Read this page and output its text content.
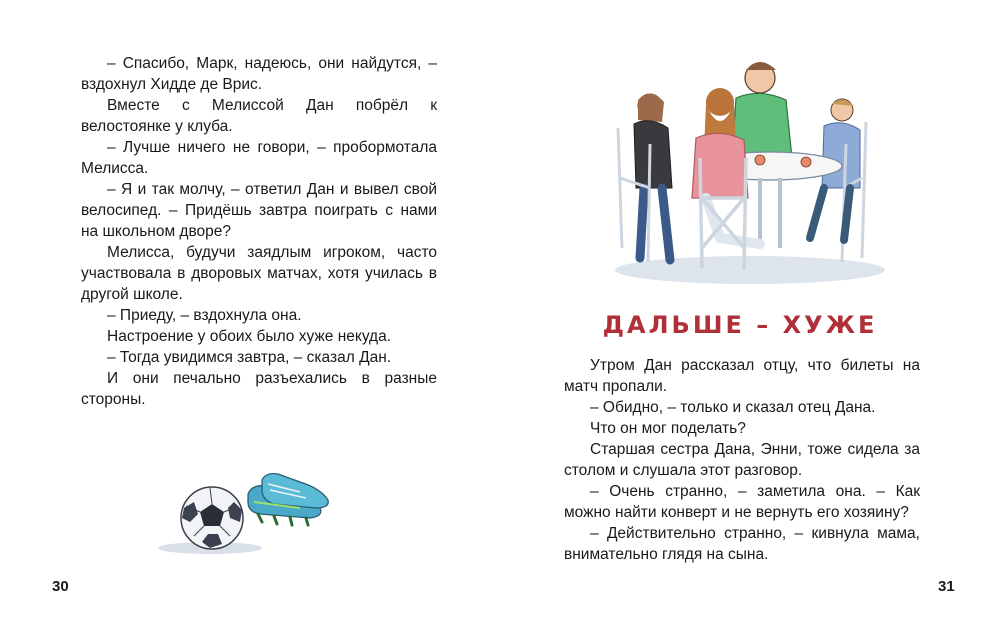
– Спасибо, Марк, надеюсь, они найдутся, – вздохнул Хидде де Врис.

Вместе с Мелиссой Дан побрёл к велостоянке у клуба.

– Лучше ничего не говори, – пробормотала Мелисса.

– Я и так молчу, – ответил Дан и вывел свой велосипед. – Придёшь завтра поиграть с нами на школьном дворе?

Мелисса, будучи заядлым игроком, часто участвовала в дворовых матчах, хотя училась в другой школе.

– Приеду, – вздохнула она.

Настроение у обоих было хуже некуда.

– Тогда увидимся завтра, – сказал Дан.

И они печально разъехались в разные стороны.

30
ДАЛЬШЕ – ХУЖЕ

Утром Дан рассказал отцу, что билеты на матч пропали.

– Обидно, – только и сказал отец Дана.

Что он мог поделать?

Старшая сестра Дана, Энни, тоже сидела за столом и слушала этот разговор.

– Очень странно, – заметила она. – Как можно найти конверт и не вернуть его хозяину?

– Действительно странно, – кивнула мама, внимательно глядя на сына.

31
